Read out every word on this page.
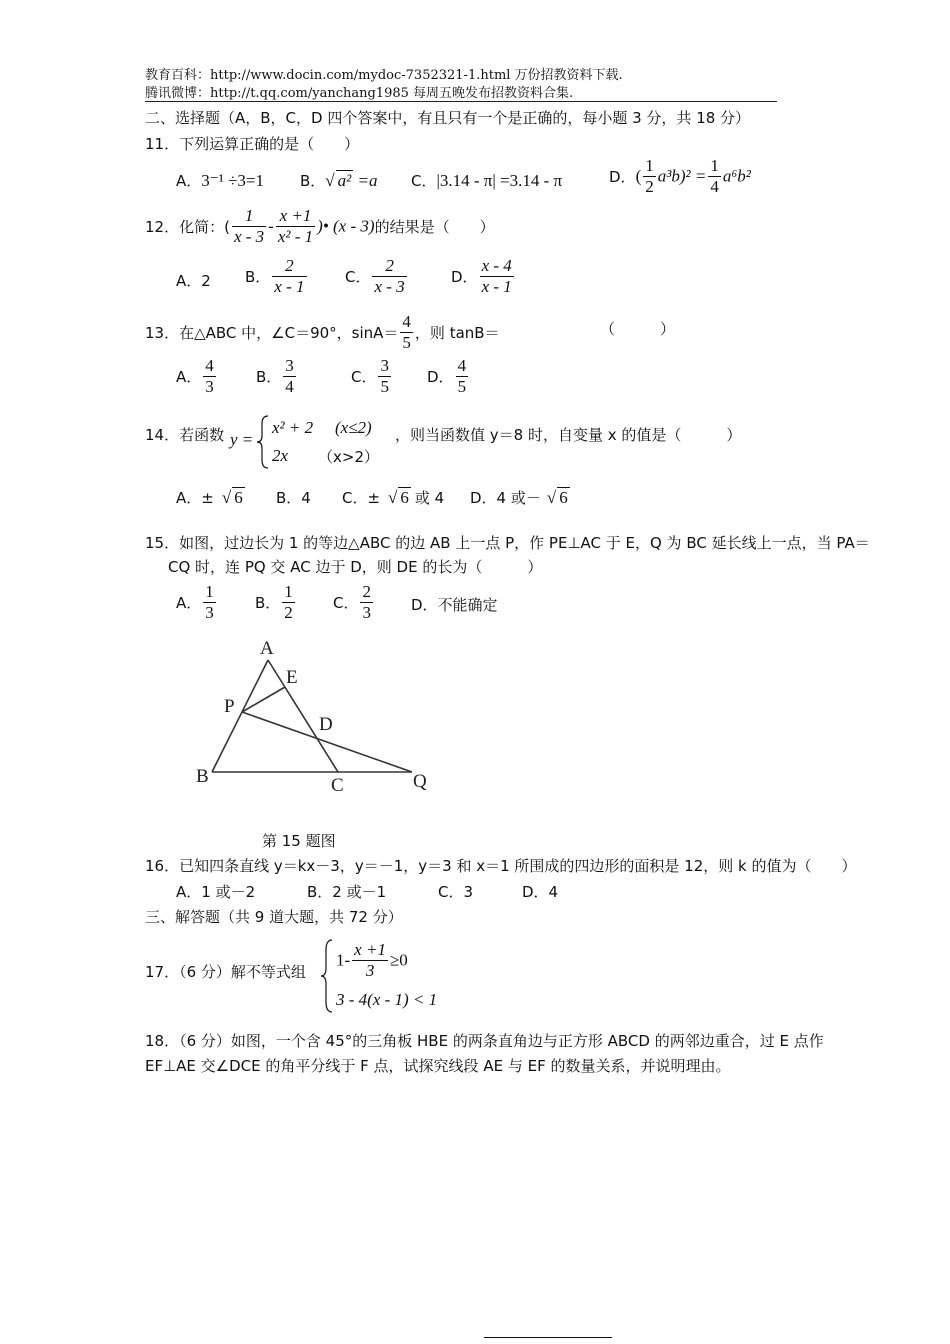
教育百科：http://www.docin.com/mydoc-7352321-1.html 万份招教资料下载.
腾讯微博：http://t.qq.com/yanchang1985 每周五晚发布招教资料合集.
二、选择题（A，B，C，D 四个答案中，有且只有一个是正确的，每小题 3 分，共 18 分）
11．下列运算正确的是（　　）
A．3⁻¹ ÷3=1 B．√ a² =a C．|3.14 - π| =3.14 - π	D．( $\frac{1}{2} a^3b)^2 = \frac{1}{4} a^6b^2$
12．化简：( $\frac{1}{x - 3} - \frac{x +1}{\text{x² - 1}}$ )• (x - 3)的结果是（　　）
A．2 B． $\frac{2}{x - 1}$	C． $\frac{2}{x - 3}$	D． $\frac{x - 4}{x - 1}$
13．在△ABC 中，∠C＝90°，$\sin A= \frac{4}{5}$ ，则 tanB＝	（　　　）
A． $\frac{4}{3}$	B． $\frac{3}{4}$	C． $\frac{3}{5}$ D． $\frac{4}{5}$
14．若函数 y =
x² + 2 (x≤2)
2x （x>2）
，则当函数值 y＝8 时，自变量 x 的值是（　　　）
A．± √ 6 B．4 C．± √ 6 或 4 D．4 或－ √ 6
15．如图，过边长为 1 的等边△ABC 的边 AB 上一点 P，作 PE⊥AC 于 E，Q 为 BC 延长线上一点，当 PA＝
CQ 时，连 PQ 交 AC 边于 D，则 DE 的长为（　　　）
A． $\frac{1}{3}$	B． $\frac{1}{2}$	C． $\frac{2}{3}$	D．不能确定
A
E
P
D
B	C	Q
第 15 题图
16．已知四条直线 y＝kx－3，y＝－1，y＝3 和 x＝1 所围成的四边形的面积是 12，则 k 的值为（　　）
A．1 或－2	B．2 或－1	C．3	D．4
三、解答题（共 9 道大题，共 72 分）
17．（6 分）解不等式组
$1- \frac{x +1}{3} \ge 0$
3 - 4(x - 1) < 1
18．（6 分）如图，一个含 45°的三角板 HBE 的两条直角边与正方形 ABCD 的两邻边重合，过 E 点作
EF⊥AE 交∠DCE 的角平分线于 F 点，试探究线段 AE 与 EF 的数量关系，并说明理由。
